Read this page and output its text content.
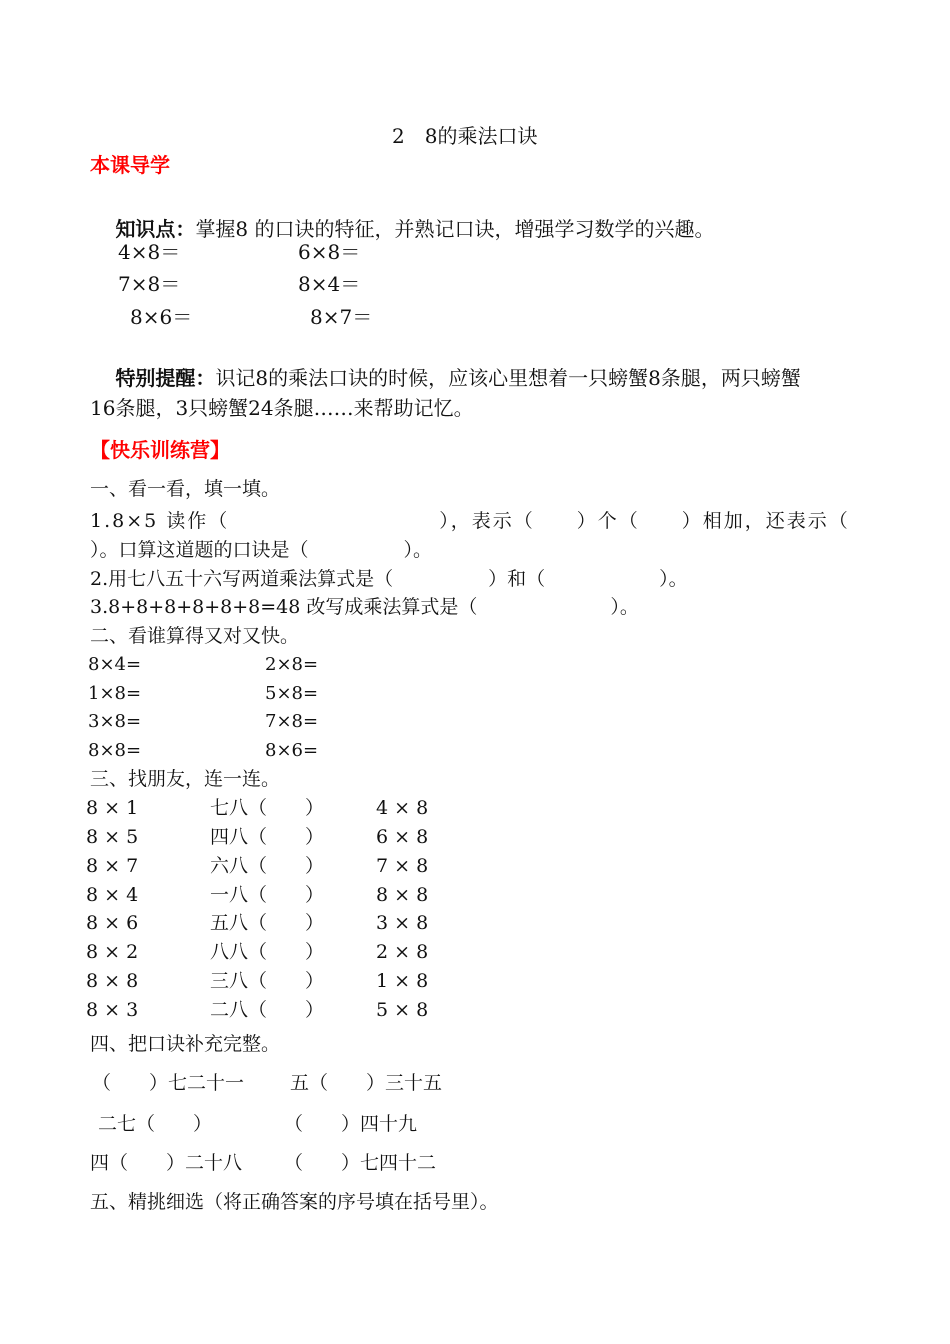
2　8的乘法口诀
本课导学

知识点：掌握8 的口诀的特征，并熟记口诀，增强学习数学的兴趣。

4×8＝	6×8＝
7×8＝	8×4＝
8×6＝	8×7＝

特别提醒：识记8的乘法口诀的时候，应该心里想着一只螃蟹8条腿，两只螃蟹

16条腿，3只螃蟹24条腿……来帮助记忆。
【快乐训练营】
一、看一看，填一填。
1.8×5 读作（　　　　　　　　　　），表示（　　）个（　　）相加，还表示（
）。口算这道题的口诀是（　　　　　）。
2.用七八五十六写两道乘法算式是（　　　　　）和（　　　　　　）。
3.8+8+8+8+8+8=48 改写成乘法算式是（　　　　　　　）。
二、看谁算得又对又快。
8×4=	2×8=
1×8=	5×8=
3×8=	7×8=
8×8=	8×6=
三、找朋友，连一连。
8 × 1	七八（　　）	4 × 8
8 × 5	四八（　　）	6 × 8
8 × 7	六八（　　）	7 × 8
8 × 4	一八（　　）	8 × 8
8 × 6	五八（　　）	3 × 8
8 × 2	八八（　　）	2 × 8
8 × 8	三八（　　）	1 × 8
8 × 3	二八（　　）	5 × 8
四、把口诀补充完整。
（　　）七二十一 五（　　）三十五
二七（　　）	（　　）四十九
四（　　）二十八 （　　）七四十二
五、精挑细选（将正确答案的序号填在括号里）。
